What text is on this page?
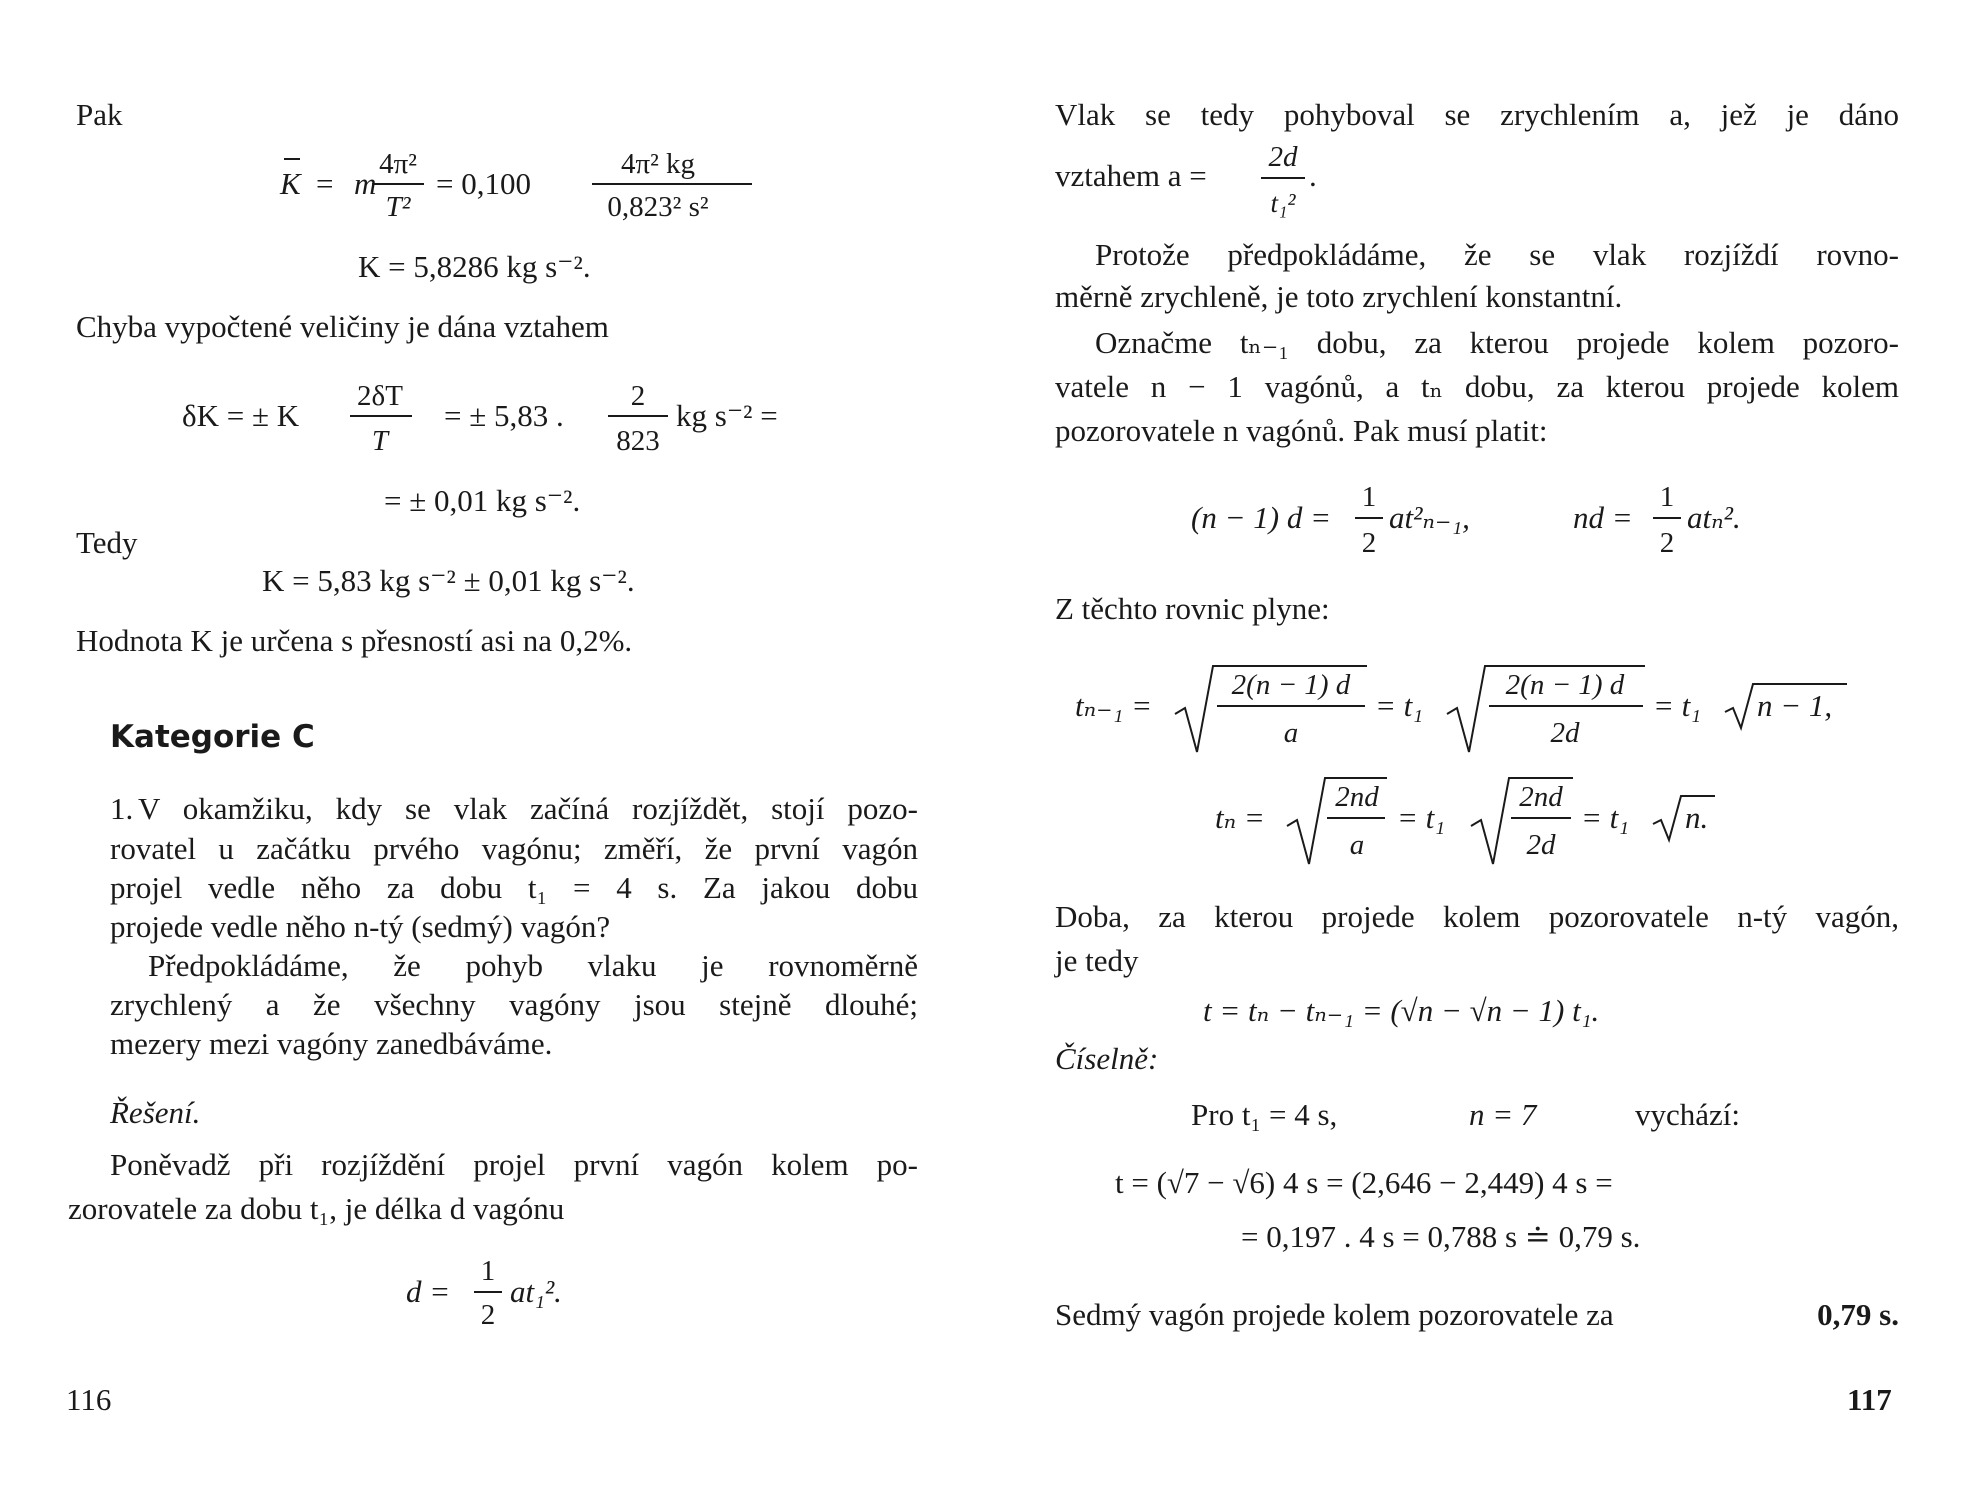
Pak
K = m
4π²
T²
= 0,100
4π² kg
0,823² s²
K = 5,8286 kg s⁻².
Chyba vypočtené veličiny je dána vztahem
δK = ± K
2δT
T
= ± 5,83 .
2
823
kg s⁻² =
= ± 0,01 kg s⁻².
Tedy
K = 5,83 kg s⁻² ± 0,01 kg s⁻².
Hodnota K je určena s přesností asi na 0,2%.
Kategorie C
1. V okamžiku, kdy se vlak začíná rozjíždět, stojí pozo-
rovatel u začátku prvého vagónu; změří, že první vagón
projel vedle něho za dobu t₁ = 4 s. Za jakou dobu
projede vedle něho n-tý (sedmý) vagón?
Předpokládáme, že pohyb vlaku je rovnoměrně
zrychlený a že všechny vagóny jsou stejně dlouhé;
mezery mezi vagóny zanedbáváme.
Řešení.
Poněvadž při rozjíždění projel první vagón kolem po-
zorovatele za dobu t₁, je délka d vagónu
d =
1
2
at₁².
116
Vlak se tedy pohyboval se zrychlením a, jež je dáno
vztahem a =
2d
t₁²
.
Protože předpokládáme, že se vlak rozjíždí rovno-
měrně zrychleně, je toto zrychlení konstantní.
Označme tₙ₋₁ dobu, za kterou projede kolem pozoro-
vatele n − 1 vagónů, a tₙ dobu, za kterou projede kolem
pozorovatele n vagónů. Pak musí platit:
(n − 1) d =
1
2
at²ₙ₋₁,	nd =
1
2
atₙ².
Z těchto rovnic plyne:
tₙ₋₁ =
2(n − 1) d
a
= t₁
2(n − 1) d
2d
= t₁ n − 1,
tₙ =
2nd
a
= t₁
2nd
2d
= t₁ n.
Doba, za kterou projede kolem pozorovatele n-tý vagón,
je tedy
t = tₙ − tₙ₋₁ = (√n − √n − 1) t₁.
Číselně:
Pro t₁ = 4 s,	n = 7	vychází:
t = (√7 − √6) 4 s = (2,646 − 2,449) 4 s =
= 0,197 . 4 s = 0,788 s ≐ 0,79 s.
Sedmý vagón projede kolem pozorovatele za	0,79 s.
117
